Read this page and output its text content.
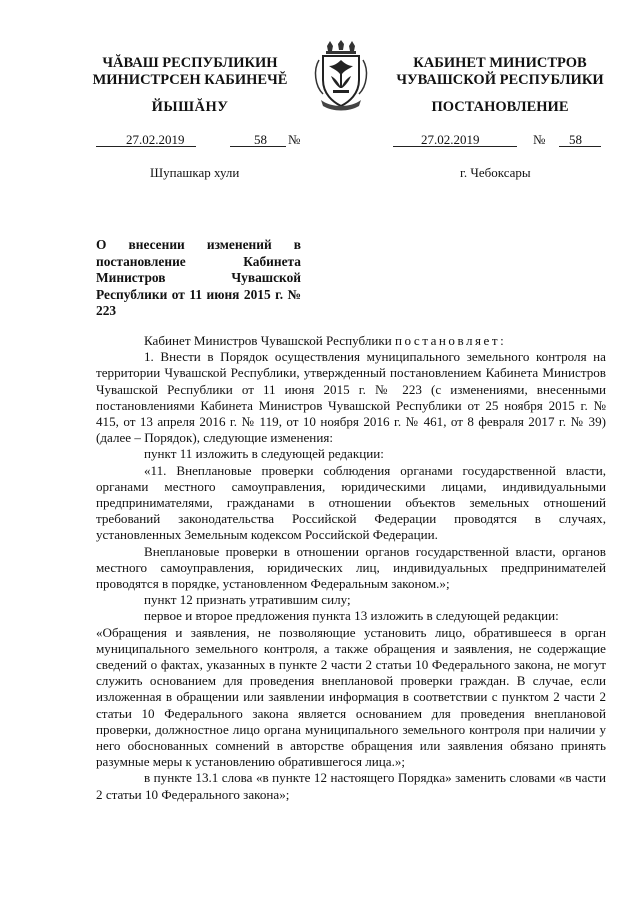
ЧĂВАШ РЕСПУБЛИКИН
МИНИСТРСЕН КАБИНЕЧĔ
ЙЫШĂНУ
КАБИНЕТ МИНИСТРОВ
ЧУВАШСКОЙ РЕСПУБЛИКИ
ПОСТАНОВЛЕНИЕ
27.02.2019	58 №	27.02.2019	№ 58
Шупашкар хули	г. Чебоксары
О внесении изменений в постановление Кабинета Министров Чувашской Республики от 11 июня 2015 г. № 223

Кабинет Министров Чувашской Республики постановляет:

1. Внести в Порядок осуществления муниципального земельного контроля на территории Чувашской Республики, утвержденный постановлением Кабинета Министров Чувашской Республики от 11 июня 2015 г. № 223 (с изменениями, внесенными постановлениями Кабинета Министров Чувашской Республики от 25 ноября 2015 г. № 415, от 13 апреля 2016 г. № 119, от 10 ноября 2016 г. № 461, от 8 февраля 2017 г. № 39) (далее – Порядок), следующие изменения:

пункт 11 изложить в следующей редакции:

«11. Внеплановые проверки соблюдения органами государственной власти, органами местного самоуправления, юридическими лицами, индивидуальными предпринимателями, гражданами в отношении объектов земельных отношений требований законодательства Российской Федерации проводятся в случаях, установленных Земельным кодексом Российской Федерации.

Внеплановые проверки в отношении органов государственной власти, органов местного самоуправления, юридических лиц, индивидуальных предпринимателей проводятся в порядке, установленном Федеральным законом.»;

пункт 12 признать утратившим силу;

первое и второе предложения пункта 13 изложить в следующей редакции:

«Обращения и заявления, не позволяющие установить лицо, обратившееся в орган муниципального земельного контроля, а также обращения и заявления, не содержащие сведений о фактах, указанных в пункте 2 части 2 статьи 10 Федерального закона, не могут служить основанием для проведения внеплановой проверки граждан. В случае, если изложенная в обращении или заявлении информация в соответствии с пунктом 2 части 2 статьи 10 Федерального закона является основанием для проведения внеплановой проверки, должностное лицо органа муниципального земельного контроля при наличии у него обоснованных сомнений в авторстве обращения или заявления обязано принять разумные меры к установлению обратившегося лица.»;

в пункте 13.1 слова «в пункте 12 настоящего Порядка» заменить словами «в части 2 статьи 10 Федерального закона»;
